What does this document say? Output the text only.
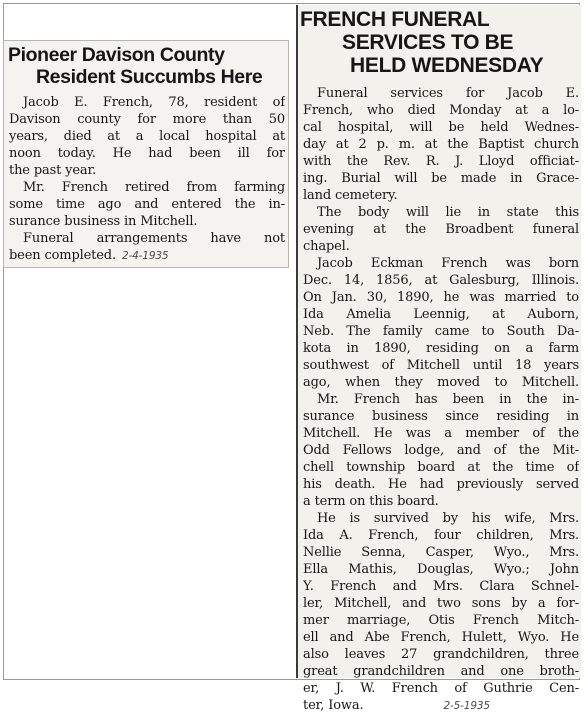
Pioneer Davison County
Resident Succumbs Here
Jacob E. French, 78, resident of
Davison county for more than 50
years, died at a local hospital at
noon today. He had been ill for
the past year.
Mr. French retired from farming
some time ago and entered the in-
surance business in Mitchell.
Funeral arrangements have not
been completed. 2-4-1935
FRENCH FUNERAL
SERVICES TO BE
HELD WEDNESDAY
Funeral services for Jacob E.
French, who died Monday at a lo-
cal hospital, will be held Wednes-
day at 2 p. m. at the Baptist church
with the Rev. R. J. Lloyd officiat-
ing. Burial will be made in Grace-
land cemetery.
The body will lie in state this
evening at the Broadbent funeral
chapel.
Jacob Eckman French was born
Dec. 14, 1856, at Galesburg, Illinois.
On Jan. 30, 1890, he was married to
Ida Amelia Leennig, at Auborn,
Neb. The family came to South Da-
kota in 1890, residing on a farm
southwest of Mitchell until 18 years
ago, when they moved to Mitchell.
Mr. French has been in the in-
surance business since residing in
Mitchell. He was a member of the
Odd Fellows lodge, and of the Mit-
chell township board at the time of
his death. He had previously served
a term on this board.
He is survived by his wife, Mrs.
Ida A. French, four children, Mrs.
Nellie Senna, Casper, Wyo., Mrs.
Ella Mathis, Douglas, Wyo.; John
Y. French and Mrs. Clara Schnel-
ler, Mitchell, and two sons by a for-
mer marriage, Otis French Mitch-
ell and Abe French, Hulett, Wyo. He
also leaves 27 grandchildren, three
great grandchildren and one broth-
er, J. W. French of Guthrie Cen-
ter, Iowa.	2-5-1935
